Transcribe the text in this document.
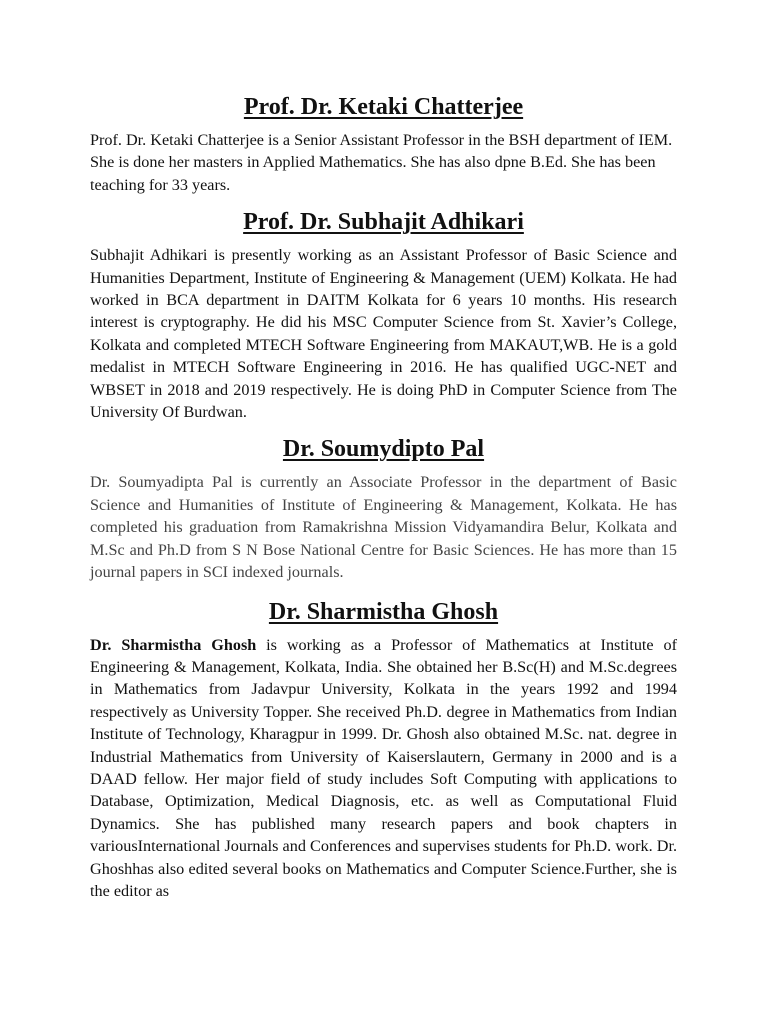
Prof. Dr. Ketaki Chatterjee

Prof. Dr. Ketaki Chatterjee is a Senior Assistant Professor in the BSH department of IEM. She is done her masters in Applied Mathematics. She has also dpne B.Ed. She has been teaching for 33 years.

Prof. Dr. Subhajit Adhikari

Subhajit Adhikari is presently working as an Assistant Professor of Basic Science and Humanities Department, Institute of Engineering & Management (UEM) Kolkata. He had worked in BCA department in DAITM Kolkata for 6 years 10 months. His research interest is cryptography. He did his MSC Computer Science from St. Xavier’s College, Kolkata and completed MTECH Software Engineering from MAKAUT,WB. He is a gold medalist in MTECH Software Engineering in 2016. He has qualified UGC-NET and WBSET in 2018 and 2019 respectively. He is doing PhD in Computer Science from The University Of Burdwan.

Dr. Soumydipto Pal

Dr. Soumyadipta Pal is currently an Associate Professor in the department of Basic Science and Humanities of Institute of Engineering & Management, Kolkata. He has completed his graduation from Ramakrishna Mission Vidyamandira Belur, Kolkata and M.Sc and Ph.D from S N Bose National Centre for Basic Sciences. He has more than 15 journal papers in SCI indexed journals.

Dr. Sharmistha Ghosh

Dr. Sharmistha Ghosh is working as a Professor of Mathematics at Institute of Engineering & Management, Kolkata, India. She obtained her B.Sc(H) and M.Sc.degrees in Mathematics from Jadavpur University, Kolkata in the years 1992 and 1994 respectively as University Topper. She received Ph.D. degree in Mathematics from Indian Institute of Technology, Kharagpur in 1999. Dr. Ghosh also obtained M.Sc. nat. degree in Industrial Mathematics from University of Kaiserslautern, Germany in 2000 and is a DAAD fellow. Her major field of study includes Soft Computing with applications to Database, Optimization, Medical Diagnosis, etc. as well as Computational Fluid Dynamics. She has published many research papers and book chapters in variousInternational Journals and Conferences and supervises students for Ph.D. work. Dr. Ghoshhas also edited several books on Mathematics and Computer Science.Further, she is the editor as
